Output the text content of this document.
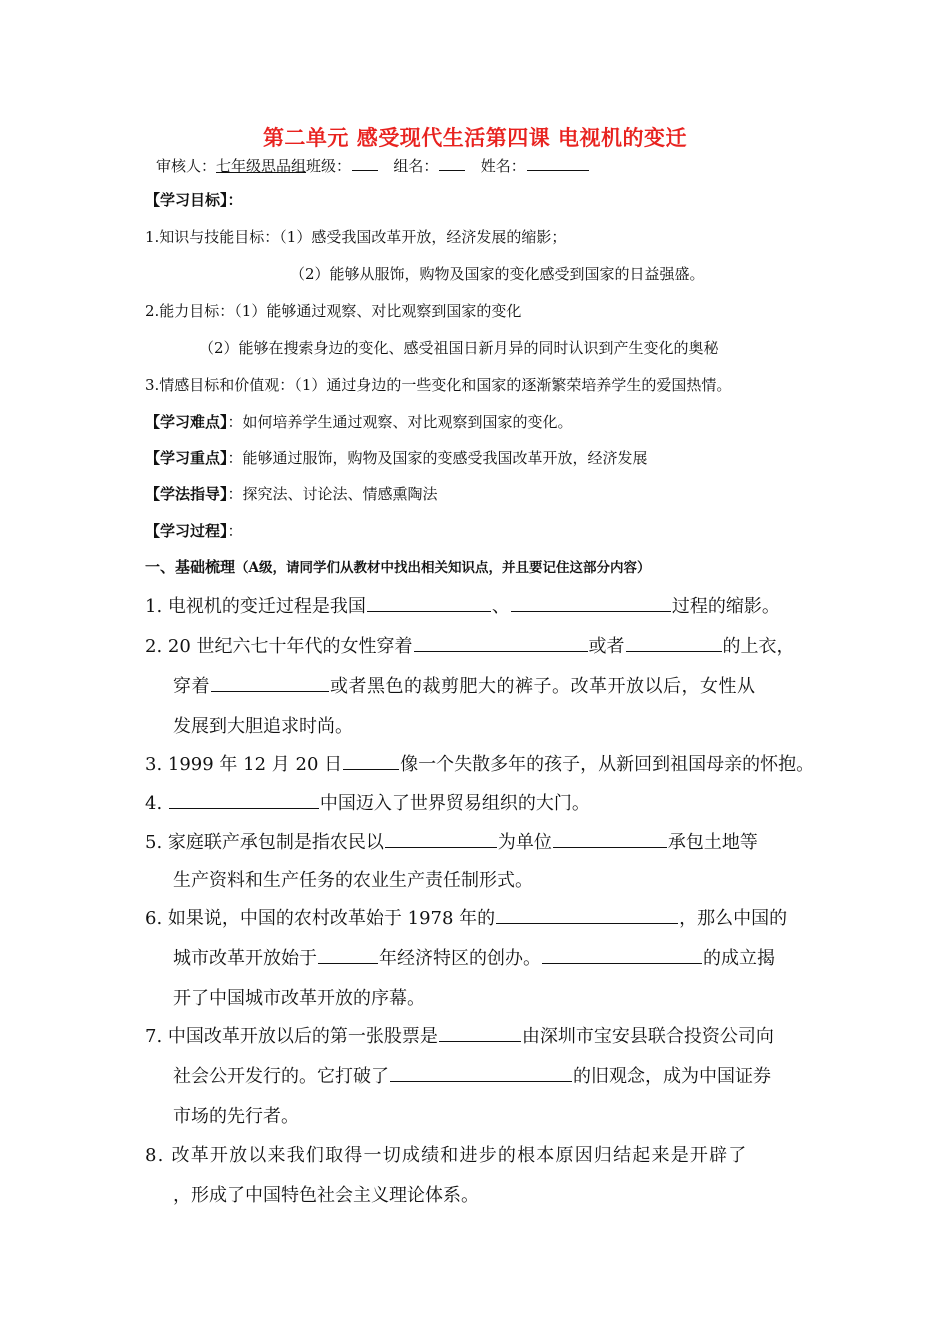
第二单元 感受现代生活第四课 电视机的变迁
审核人：七年级思品组班级：	组名：	姓名：
【学习目标】：
1.知识与技能目标：（1）感受我国改革开放，经济发展的缩影；
（2）能够从服饰，购物及国家的变化感受到国家的日益强盛。
2.能力目标：（1）能够通过观察、对比观察到国家的变化
（2）能够在搜索身边的变化、感受祖国日新月异的同时认识到产生变化的奥秘
3.情感目标和价值观：（1）通过身边的一些变化和国家的逐渐繁荣培养学生的爱国热情。
【学习难点】：如何培养学生通过观察、对比观察到国家的变化。
【学习重点】：能够通过服饰，购物及国家的变感受我国改革开放，经济发展
【学法指导】：探究法、讨论法、情感熏陶法
【学习过程】：
一、基础梳理（A级，请同学们从教材中找出相关知识点，并且要记住这部分内容）
1. 电视机的变迁过程是我国	、	过程的缩影。
2. 20 世纪六七十年代的女性穿着	或者	的上衣，
穿着	或者黑色的裁剪肥大的裤子。改革开放以后，女性从
发展到大胆追求时尚。
3. 1999 年 12 月 20 日	像一个失散多年的孩子，从新回到祖国母亲的怀抱。
4.	中国迈入了世界贸易组织的大门。
5. 家庭联产承包制是指农民以	为单位	承包土地等
生产资料和生产任务的农业生产责任制形式。
6. 如果说，中国的农村改革始于 1978 年的	，那么中国的
城市改革开放始于	年经济特区的创办。	的成立揭
开了中国城市改革开放的序幕。
7. 中国改革开放以后的第一张股票是	由深圳市宝安县联合投资公司向
社会公开发行的。它打破了	的旧观念，成为中国证券
市场的先行者。
8. 改革开放以来我们取得一切成绩和进步的根本原因归结起来是开辟了
，形成了中国特色社会主义理论体系。
